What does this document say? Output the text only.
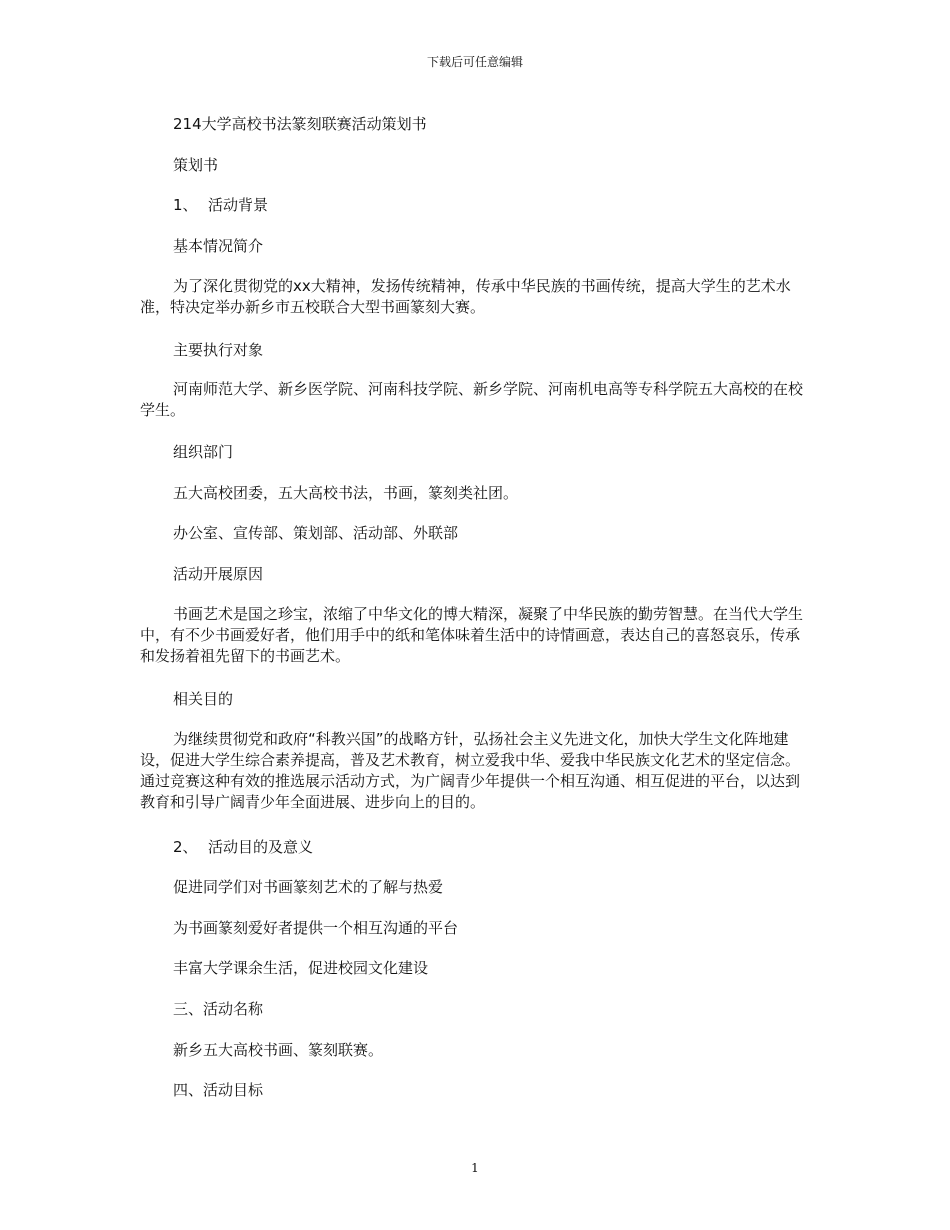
下载后可任意编辑
214大学高校书法篆刻联赛活动策划书
策划书
1、 活动背景
基本情况简介

为了深化贯彻党的xx大精神，发扬传统精神，传承中华民族的书画传统，提高大学生的艺术水准，特决定举办新乡市五校联合大型书画篆刻大赛。

主要执行对象

河南师范大学、新乡医学院、河南科技学院、新乡学院、河南机电高等专科学院五大高校的在校学生。

组织部门
五大高校团委，五大高校书法，书画，篆刻类社团。
办公室、宣传部、策划部、活动部、外联部
活动开展原因

书画艺术是国之珍宝，浓缩了中华文化的博大精深，凝聚了中华民族的勤劳智慧。在当代大学生中，有不少书画爱好者，他们用手中的纸和笔体味着生活中的诗情画意，表达自己的喜怒哀乐，传承和发扬着祖先留下的书画艺术。

相关目的

为继续贯彻党和政府“科教兴国”的战略方针，弘扬社会主义先进文化，加快大学生文化阵地建设，促进大学生综合素养提高，普及艺术教育，树立爱我中华、爱我中华民族文化艺术的坚定信念。通过竞赛这种有效的推选展示活动方式，为广阔青少年提供一个相互沟通、相互促进的平台，以达到教育和引导广阔青少年全面进展、进步向上的目的。

2、 活动目的及意义
促进同学们对书画篆刻艺术的了解与热爱
为书画篆刻爱好者提供一个相互沟通的平台
丰富大学课余生活，促进校园文化建设
三、活动名称
新乡五大高校书画、篆刻联赛。
四、活动目标
1
